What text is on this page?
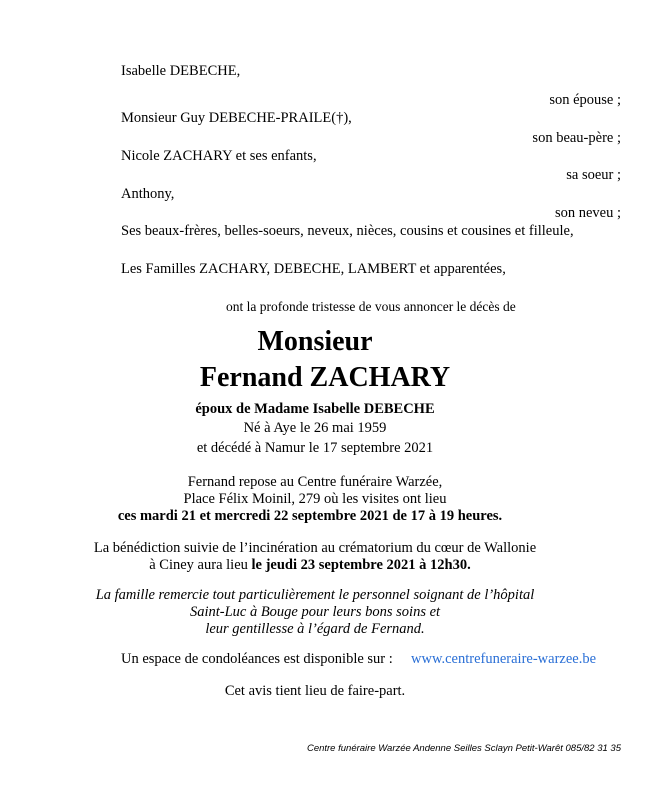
Isabelle DEBECHE,
son épouse ;
Monsieur Guy DEBECHE-PRAILE(†),
son beau-père ;
Nicole ZACHARY et ses enfants,
sa soeur ;
Anthony,
son neveu ;
Ses beaux-frères, belles-soeurs, neveux, nièces, cousins et cousines et filleule,
Les Familles ZACHARY, DEBECHE, LAMBERT et apparentées,
ont la profonde tristesse de vous annoncer le décès de
Monsieur
Fernand ZACHARY
époux de Madame Isabelle DEBECHE
Né à Aye le 26 mai 1959
et décédé à Namur le 17 septembre 2021
Fernand repose au Centre funéraire Warzée,
Place Félix Moinil, 279 où les visites ont lieu
ces mardi 21 et mercredi 22 septembre 2021 de 17 à 19 heures.
La bénédiction suivie de l’incinération au crématorium du cœur de Wallonie
à Ciney aura lieu le jeudi 23 septembre 2021 à 12h30.
La famille remercie tout particulièrement le personnel soignant de l’hôpital
Saint-Luc à Bouge pour leurs bons soins et
leur gentillesse à l’égard de Fernand.
Un espace de condoléances est disponible sur : www.centrefuneraire-warzee.be
Cet avis tient lieu de faire-part.
Centre funéraire Warzée Andenne Seilles Sclayn Petit-Warêt 085/82 31 35
